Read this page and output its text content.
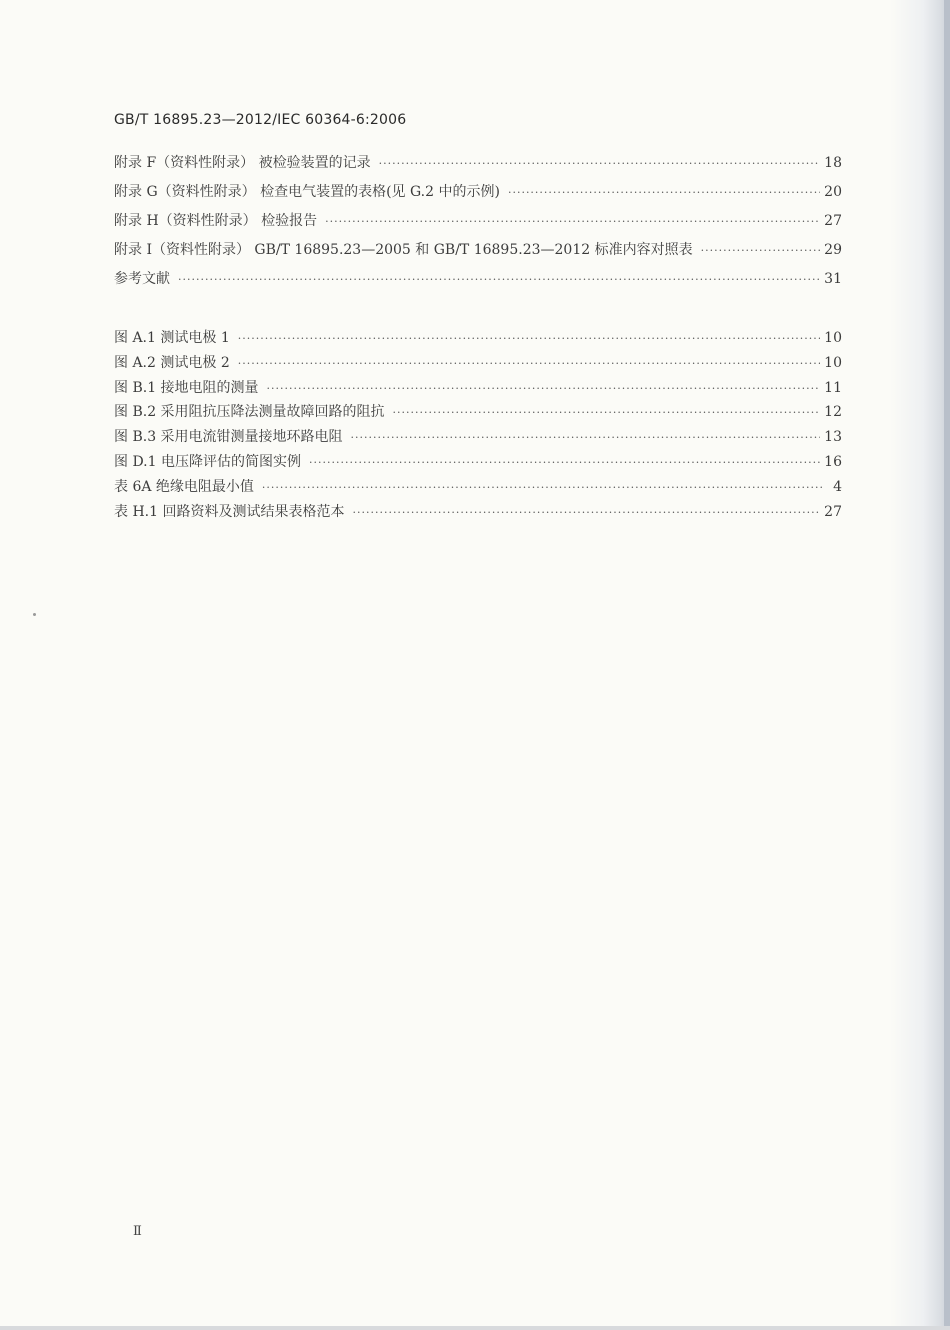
GB/T 16895.23—2012/IEC 60364-6:2006
附录 F（资料性附录） 被检验装置的记录 ·····	18
附录 G（资料性附录） 检查电气装置的表格(见 G.2 中的示例) ·····	20
附录 H（资料性附录） 检验报告 ·····	27
附录 I（资料性附录） GB/T 16895.23—2005 和 GB/T 16895.23—2012 标准内容对照表 ·····	29
参考文献 ·····	31
图 A.1 测试电极 1 ·····	10
图 A.2 测试电极 2 ·····	10
图 B.1 接地电阻的测量 ·····	11
图 B.2 采用阻抗压降法测量故障回路的阻抗 ·····	12
图 B.3 采用电流钳测量接地环路电阻 ·····	13
图 D.1 电压降评估的简图实例 ·····	16
表 6A 绝缘电阻最小值 ·····	4
表 H.1 回路资料及测试结果表格范本 ·····	27
Ⅱ
